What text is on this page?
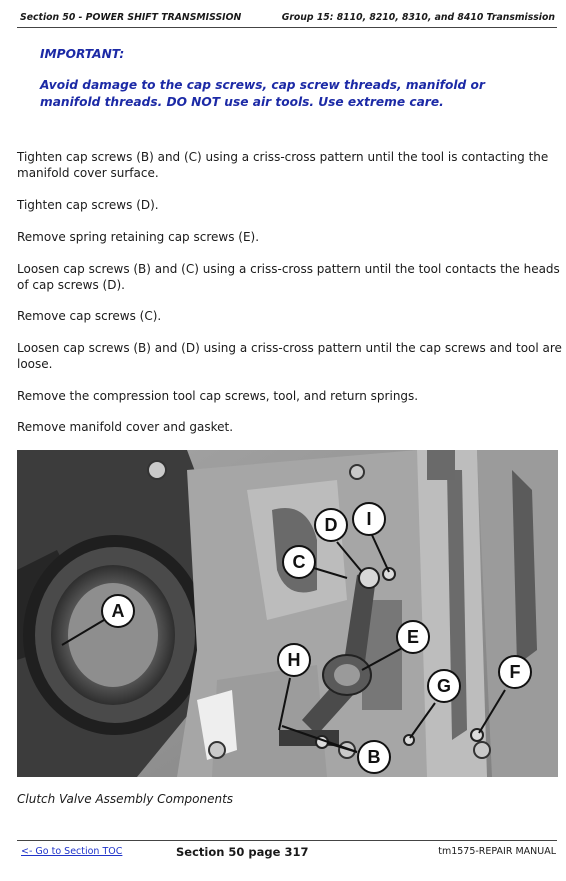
Section 50 - POWER SHIFT TRANSMISSION	Group 15: 8110, 8210, 8310, and 8410 Transmission
IMPORTANT:
Avoid damage to the cap screws, cap screw threads, manifold or manifold threads. DO NOT use air tools. Use extreme care.
Tighten cap screws (B) and (C) using a criss-cross pattern until the tool is contacting the manifold cover surface.
Tighten cap screws (D).
Remove spring retaining cap screws (E).
Loosen cap screws (B) and (C) using a criss-cross pattern until the tool contacts the heads of cap screws (D).
Remove cap screws (C).
Loosen cap screws (B) and (D) using a criss-cross pattern until the cap screws and tool are loose.
Remove the compression tool cap screws, tool, and return springs.
Remove manifold cover and gasket.
A
B
C
D
E
F
G
H
I
Clutch Valve Assembly Components
<- Go to Section TOC	Section 50 page 317	tm1575-REPAIR MANUAL
